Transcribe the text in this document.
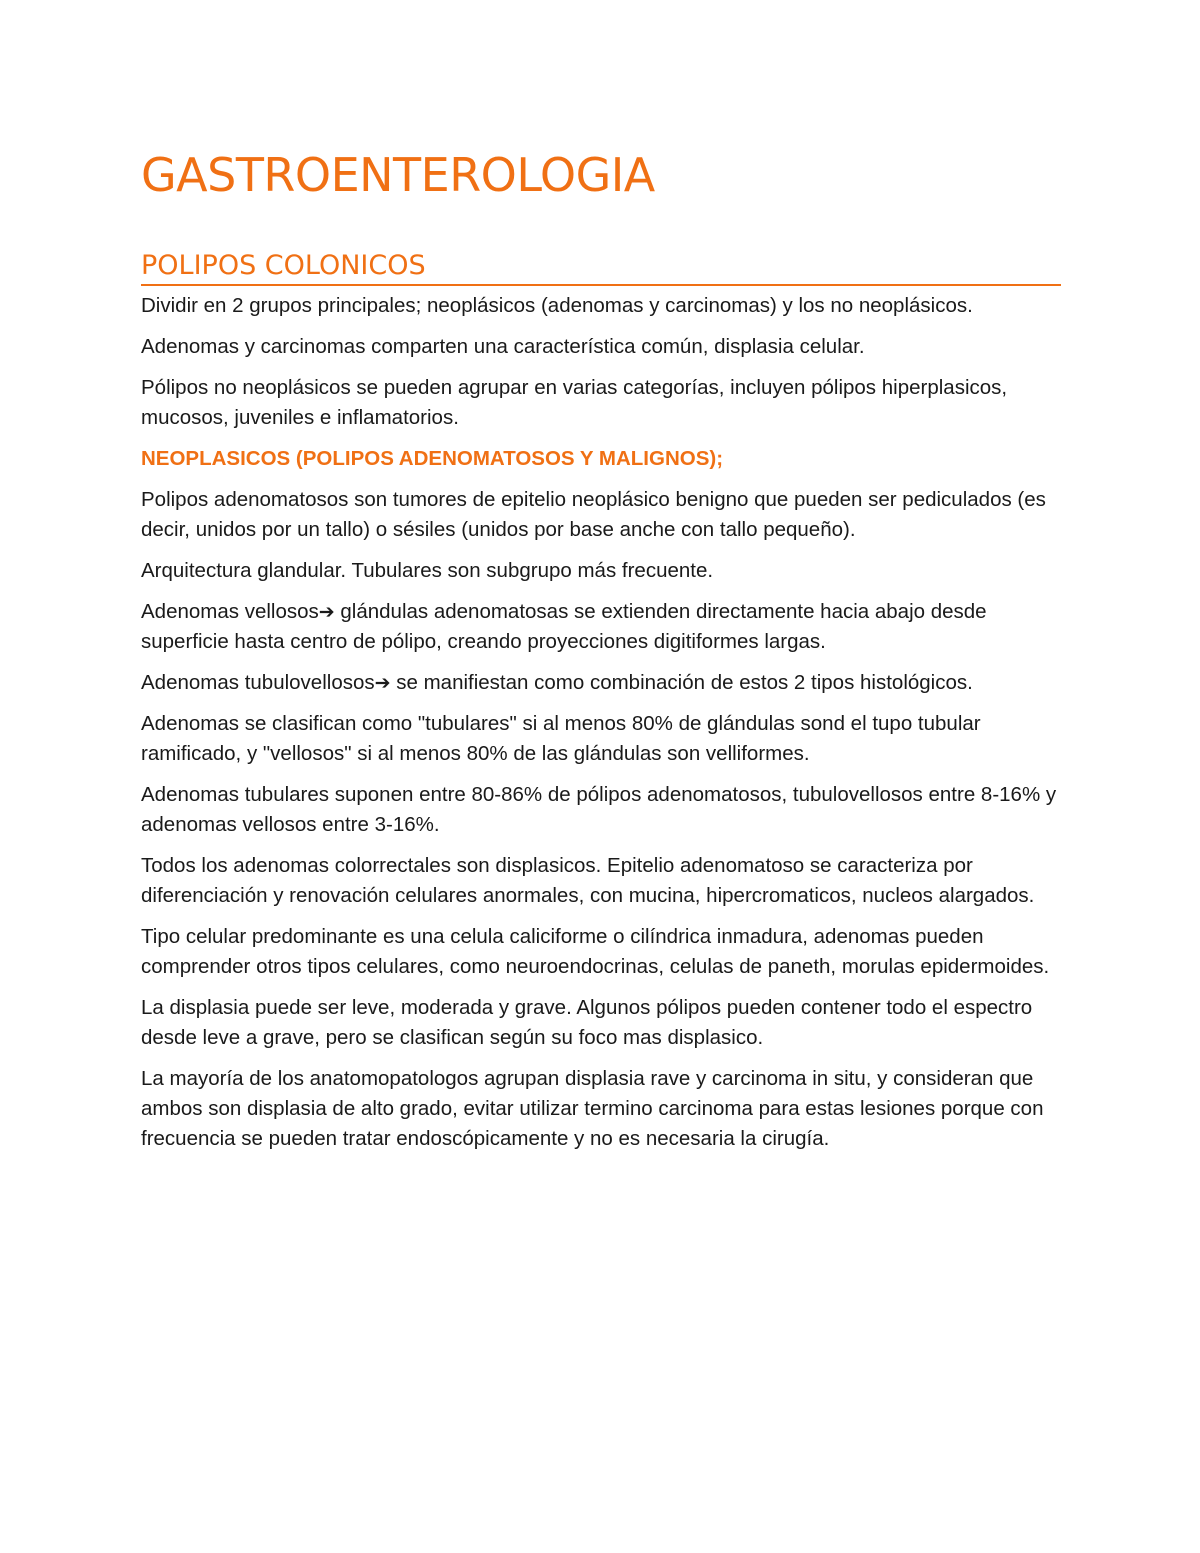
GASTROENTEROLOGIA
POLIPOS COLONICOS

Dividir en 2 grupos principales; neoplásicos (adenomas y carcinomas) y los no neoplásicos.

Adenomas y carcinomas comparten una característica común, displasia celular.

Pólipos no neoplásicos se pueden agrupar en varias categorías, incluyen pólipos hiperplasicos, mucosos, juveniles e inflamatorios.

NEOPLASICOS (POLIPOS ADENOMATOSOS Y MALIGNOS);

Polipos adenomatosos son tumores de epitelio neoplásico benigno que pueden ser pediculados (es decir, unidos por un tallo) o sésiles (unidos por base anche con tallo pequeño).

Arquitectura glandular. Tubulares son subgrupo más frecuente.

Adenomas vellosos➔ glándulas adenomatosas se extienden directamente hacia abajo desde superficie hasta centro de pólipo, creando proyecciones digitiformes largas.

Adenomas tubulovellosos➔ se manifiestan como combinación de estos 2 tipos histológicos.

Adenomas se clasifican como "tubulares" si al menos 80% de glándulas sond el tupo tubular ramificado, y "vellosos" si al menos 80% de las glándulas son velliformes.

Adenomas tubulares suponen entre 80-86% de pólipos adenomatosos, tubulovellosos entre 8-16% y adenomas vellosos entre 3-16%.

Todos los adenomas colorrectales son displasicos. Epitelio adenomatoso se caracteriza por diferenciación y renovación celulares anormales, con mucina, hipercromaticos, nucleos alargados.

Tipo celular predominante es una celula caliciforme o cilíndrica inmadura, adenomas pueden comprender otros tipos celulares, como neuroendocrinas, celulas de paneth, morulas epidermoides.

La displasia puede ser leve, moderada y grave. Algunos pólipos pueden contener todo el espectro desde leve a grave, pero se clasifican según su foco mas displasico.

La mayoría de los anatomopatologos agrupan displasia rave y carcinoma in situ, y consideran que ambos son displasia de alto grado, evitar utilizar termino carcinoma para estas lesiones porque con frecuencia se pueden tratar endoscópicamente y no es necesaria la cirugía.
